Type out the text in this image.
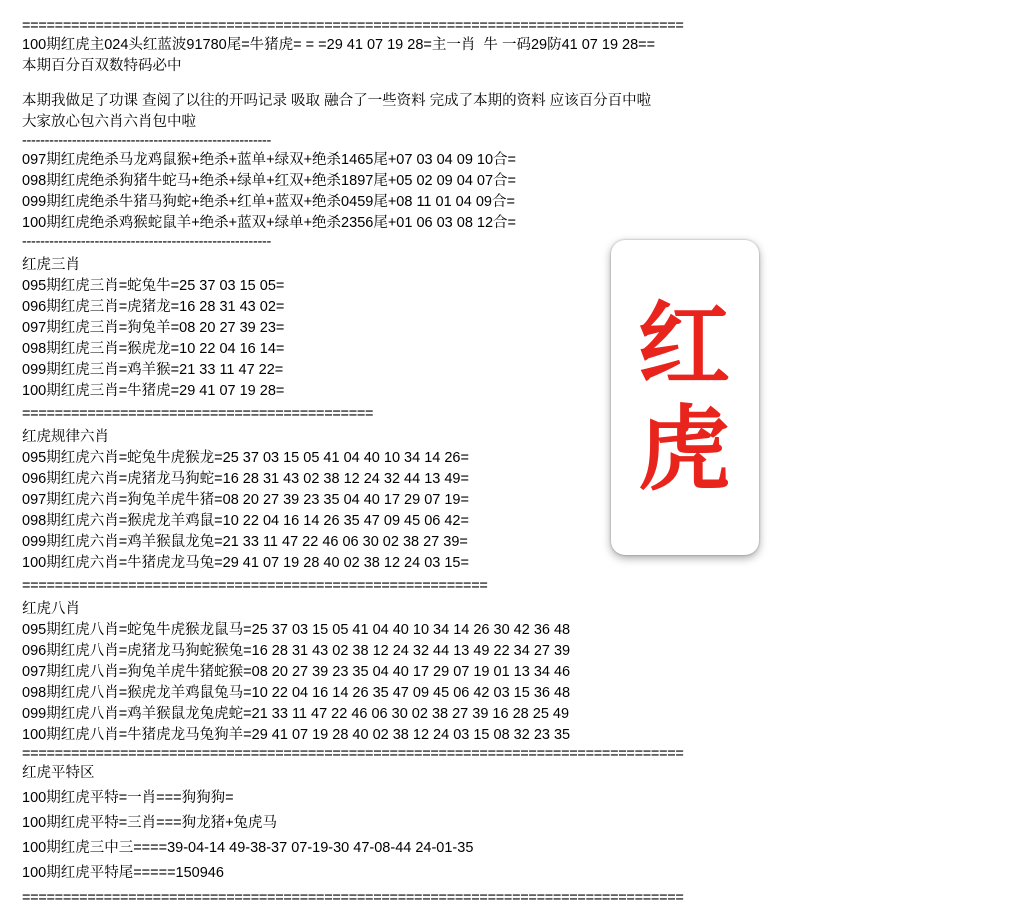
红
虎
=================================================================================
100期红虎主024头红蓝波91780尾=牛猪虎= = =29 41 07 19 28=主一肖  牛 一码29防41 07 19 28==
本期百分百双数特码必中
本期我做足了功课 查阅了以往的开吗记录 吸取 融合了一些资料 完成了本期的资料 应该百分百中啦
大家放心包六肖六肖包中啦
-------------------------------------------------------
097期红虎绝杀马龙鸡鼠猴+绝杀+蓝单+绿双+绝杀1465尾+07 03 04 09 10合=
098期红虎绝杀狗猪牛蛇马+绝杀+绿单+红双+绝杀1897尾+05 02 09 04 07合=
099期红虎绝杀牛猪马狗蛇+绝杀+红单+蓝双+绝杀0459尾+08 11 01 04 09合=
100期红虎绝杀鸡猴蛇鼠羊+绝杀+蓝双+绿单+绝杀2356尾+01 06 03 08 12合=
-------------------------------------------------------
红虎三肖
095期红虎三肖=蛇兔牛=25 37 03 15 05=
096期红虎三肖=虎猪龙=16 28 31 43 02=
097期红虎三肖=狗兔羊=08 20 27 39 23=
098期红虎三肖=猴虎龙=10 22 04 16 14=
099期红虎三肖=鸡羊猴=21 33 11 47 22=
100期红虎三肖=牛猪虎=29 41 07 19 28=
===========================================
红虎规律六肖
095期红虎六肖=蛇兔牛虎猴龙=25 37 03 15 05 41 04 40 10 34 14 26=
096期红虎六肖=虎猪龙马狗蛇=16 28 31 43 02 38 12 24 32 44 13 49=
097期红虎六肖=狗兔羊虎牛猪=08 20 27 39 23 35 04 40 17 29 07 19=
098期红虎六肖=猴虎龙羊鸡鼠=10 22 04 16 14 26 35 47 09 45 06 42=
099期红虎六肖=鸡羊猴鼠龙兔=21 33 11 47 22 46 06 30 02 38 27 39=
100期红虎六肖=牛猪虎龙马兔=29 41 07 19 28 40 02 38 12 24 03 15=
=========================================================
红虎八肖
095期红虎八肖=蛇兔牛虎猴龙鼠马=25 37 03 15 05 41 04 40 10 34 14 26 30 42 36 48
096期红虎八肖=虎猪龙马狗蛇猴兔=16 28 31 43 02 38 12 24 32 44 13 49 22 34 27 39
097期红虎八肖=狗兔羊虎牛猪蛇猴=08 20 27 39 23 35 04 40 17 29 07 19 01 13 34 46
098期红虎八肖=猴虎龙羊鸡鼠兔马=10 22 04 16 14 26 35 47 09 45 06 42 03 15 36 48
099期红虎八肖=鸡羊猴鼠龙兔虎蛇=21 33 11 47 22 46 06 30 02 38 27 39 16 28 25 49
100期红虎八肖=牛猪虎龙马兔狗羊=29 41 07 19 28 40 02 38 12 24 03 15 08 32 23 35
=================================================================================
红虎平特区
100期红虎平特=一肖===狗狗狗=
100期红虎平特=三肖===狗龙猪+兔虎马
100期红虎三中三====39-04-14 49-38-37 07-19-30 47-08-44 24-01-35
100期红虎平特尾=====150946
=================================================================================
